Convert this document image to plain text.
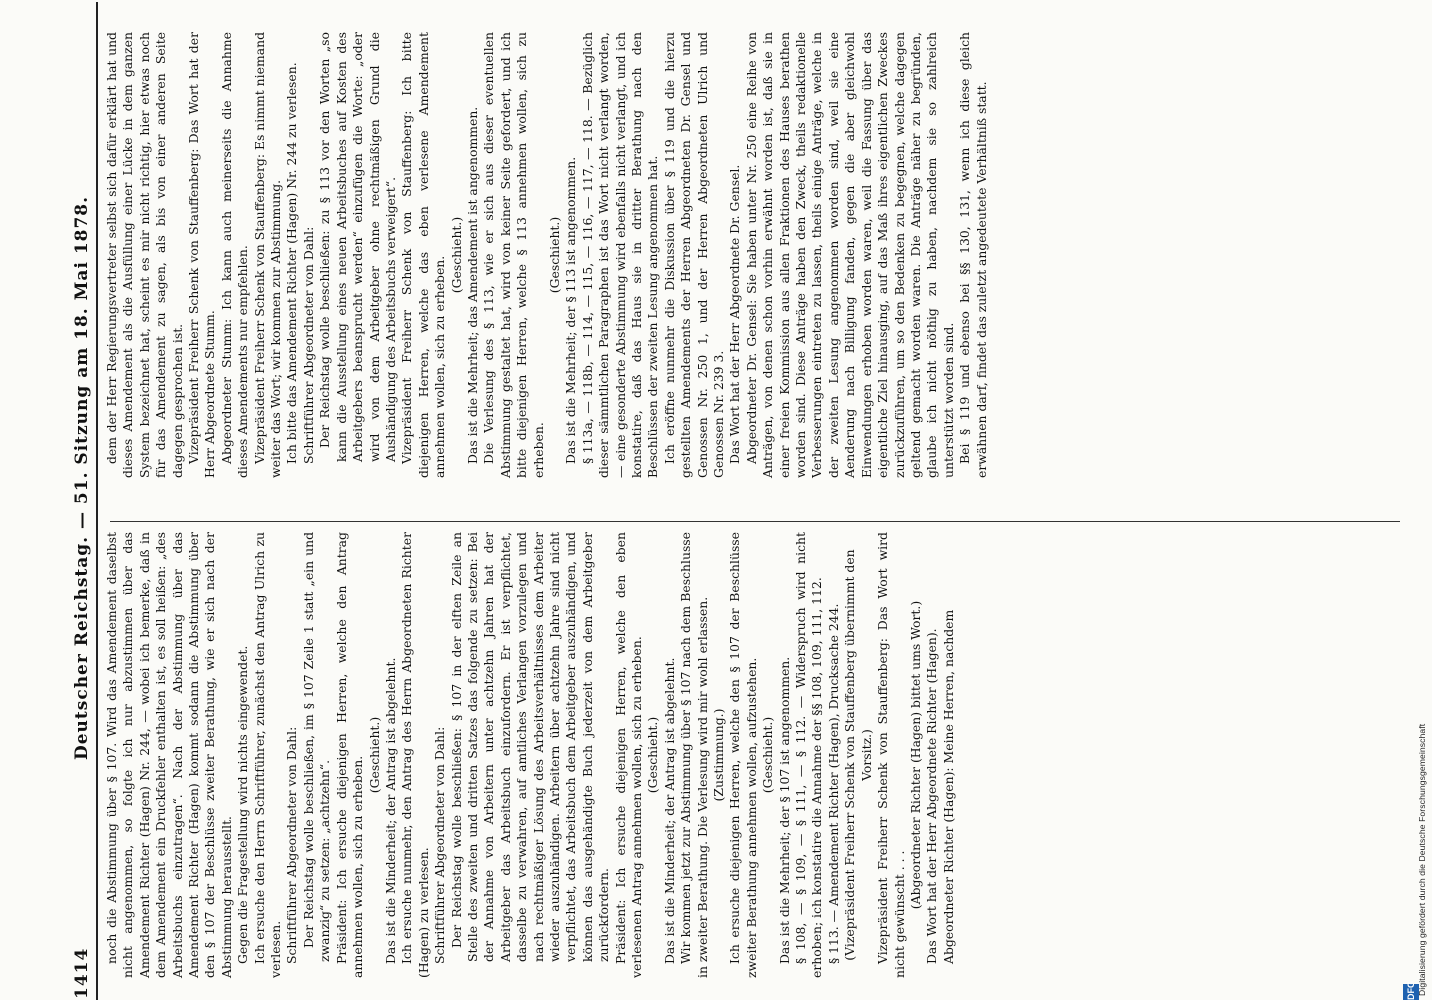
1414
Deutscher Reichstag. — 51. Sitzung am 18. Mai 1878. noch die Abstimmung über § 107. Wird das Amendement daselbst nicht angenommen, so folgte ich nur abzustimmen über das Amendement Richter (Hagen) Nr. 244, — wobei ich bemerke, daß in dem Amendement ein Druckfehler enthalten ist, es soll heißen: „des Arbeitsbuchs einzutragen“. Nach der Abstimmung über das Amendement Richter (Hagen) kommt sodann die Abstimmung über den § 107 der Beschlüsse zweiter Berathung, wie er sich nach der Abstimmung herausstellt. Gegen die Fragestellung wird nichts eingewendet. Ich ersuche den Herrn Schriftführer, zunächst den Antrag Ulrich zu verlesen. Schriftführer Abgeordneter von Dahl: Der Reichstag wolle beschließen, im § 107 Zeile 1 statt „ein und zwanzig“ zu setzen: „achtzehn“. Präsident: Ich ersuche diejenigen Herren, welche den Antrag annehmen wollen, sich zu erheben.

(Geschieht.) Das ist die Minderheit; der Antrag ist abgelehnt. Ich ersuche nunmehr, den Antrag des Herrn Abgeordneten Richter (Hagen) zu verlesen. Schriftführer Abgeordneter von Dahl: Der Reichstag wolle beschließen: § 107 in der elften Zeile an Stelle des zweiten und dritten Satzes das folgende zu setzen: Bei der Annahme von Arbeitern unter achtzehn Jahren hat der Arbeitgeber das Arbeitsbuch einzufordern. Er ist verpflichtet, dasselbe zu verwahren, auf amtliches Verlangen vorzulegen und nach rechtmäßiger Lösung des Arbeitsverhältnisses dem Arbeiter wieder auszuhändigen. Arbeitern über achtzehn Jahre sind nicht verpflichtet, das Arbeitsbuch dem Arbeitgeber auszuhändigen, und können das ausgehändigte Buch jederzeit von dem Arbeitgeber zurückfordern. Präsident: Ich ersuche diejenigen Herren, welche den eben verlesenen Antrag annehmen wollen, sich zu erheben. (Geschieht.) Das ist die Minderheit; der Antrag ist abgelehnt. Wir kommen jetzt zur Abstimmung über § 107 nach dem Beschlusse in zweiter Berathung. Die Verlesung wird mir wohl erlassen. (Zustimmung.) Ich ersuche diejenigen Herren, welche den § 107 der Beschlüsse zweiter Berathung annehmen wollen, aufzustehen. (Geschieht.) Das ist die Mehrheit; der § 107 ist angenommen. § 108, — § 109, — § 111, — § 112. — Widerspruch wird nicht erhoben; ich konstatire die Annahme der §§ 108, 109, 111, 112. § 113. — Amendement Richter (Hagen), Drucksache 244. (Vizepräsident Freiherr Schenk von Stauffenberg übernimmt den Vorsitz.) Vizepräsident Freiherr Schenk von Stauffenberg: Das Wort wird nicht gewünscht . . .

(Abgeordneter Richter (Hagen) bittet ums Wort.) Das Wort hat der Herr Abgeordnete Richter (Hagen). Abgeordneter Richter (Hagen): Meine Herren, nachdem

dem der Herr Regierungsvertreter selbst sich dafür erklärt hat und dieses Amendement als die Ausfüllung einer Lücke in dem ganzen System bezeichnet hat, scheint es mir nicht richtig, hier etwas noch für das Amendement zu sagen, als bis von einer anderen Seite dagegen gesprochen ist. Vizepräsident Freiherr Schenk von Stauffenberg: Das Wort hat der Herr Abgeordnete Stumm. Abgeordneter Stumm: Ich kann auch meinerseits die Annahme dieses Amendements nur empfehlen. Vizepräsident Freiherr Schenk von Stauffenberg: Es nimmt niemand weiter das Wort; wir kommen zur Abstimmung. Ich bitte das Amendement Richter (Hagen) Nr. 244 zu verlesen. Schriftführer Abgeordneter von Dahl: Der Reichstag wolle beschließen: zu § 113 vor den Worten „so kann die Ausstellung eines neuen Arbeitsbuches auf Kosten des Arbeitgebers beansprucht werden“ einzufügen die Worte: „oder wird von dem Arbeitgeber ohne rechtmäßigen Grund die Aushändigung des Arbeitsbuchs verweigert“. Vizepräsident Freiherr Schenk von Stauffenberg: Ich bitte diejenigen Herren, welche das eben verlesene Amendement annehmen wollen, sich zu erheben.

(Geschieht.) Das ist die Mehrheit; das Amendement ist angenommen. Die Verlesung des § 113, wie er sich aus dieser eventuellen Abstimmung gestaltet hat, wird von keiner Seite gefordert, und ich bitte diejenigen Herren, welche § 113 annehmen wollen, sich zu erheben.

(Geschieht.) Das ist die Mehrheit; der § 113 ist angenommen. § 113a, — 118b, — 114, — 115, — 116, — 117, — 118. — Bezüglich dieser sämmtlichen Paragraphen ist das Wort nicht verlangt worden, — eine gesonderte Abstimmung wird ebenfalls nicht verlangt, und ich konstatire, daß das Haus sie in dritter Berathung nach den Beschlüssen der zweiten Lesung angenommen hat. Ich eröffne nunmehr die Diskussion über § 119 und die hierzu gestellten Amendements der Herren Abgeordneten Dr. Gensel und Genossen Nr. 250 1, und der Herren Abgeordneten Ulrich und Genossen Nr. 239 3. Das Wort hat der Herr Abgeordnete Dr. Gensel. Abgeordneter Dr. Gensel: Sie haben unter Nr. 250 eine Reihe von Anträgen, von denen schon vorhin erwähnt worden ist, daß sie in einer freien Kommission aus allen Fraktionen des Hauses berathen worden sind. Diese Anträge haben den Zweck, theils redaktionelle Verbesserungen eintreten zu lassen, theils einige Anträge, welche in der zweiten Lesung angenommen worden sind, weil sie eine Aenderung nach Billigung fanden, gegen die aber gleichwohl Einwendungen erhoben worden waren, weil die Fassung über das eigentliche Ziel hinausging, auf das Maß ihres eigentlichen Zweckes zurückzuführen, um so den Bedenken zu begegnen, welche dagegen geltend gemacht worden waren. Die Anträge näher zu begründen, glaube ich nicht nöthig zu haben, nachdem sie so zahlreich unterstützt worden sind. Bei § 119 und ebenso bei §§ 130, 131, wenn ich diese gleich erwähnen darf, findet das zuletzt angedeutete Verhältniß statt.

DFG Digitalisierung gefördert durch die Deutsche Forschungsgemeinschaft
